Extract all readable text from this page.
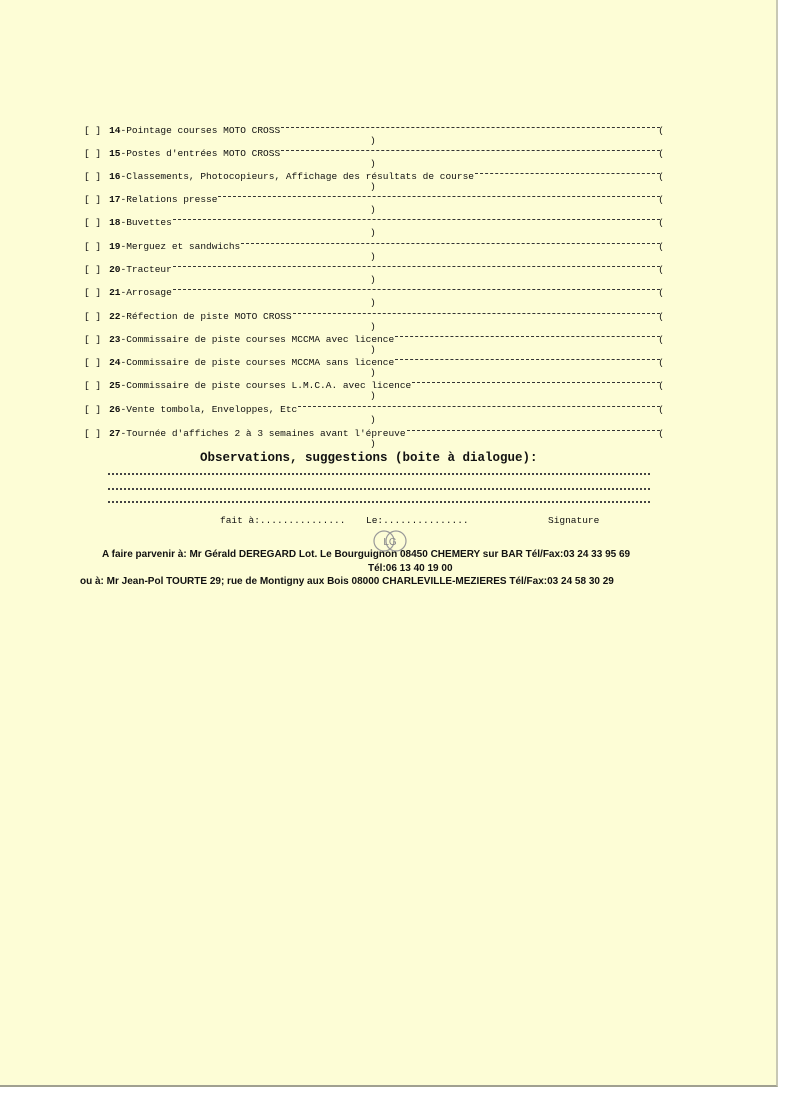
[ ] 14-Pointage courses MOTO CROSS	(
)
[ ] 15-Postes d'entrées MOTO CROSS	(
)
[ ] 16-Classements, Photocopieurs, Affichage des résultats de course	(
)
[ ] 17-Relations presse	(
)
[ ] 18-Buvettes	(
)
[ ] 19-Merguez et sandwichs	(
)
[ ] 20-Tracteur	(
)
[ ] 21-Arrosage	(
)
[ ] 22-Réfection de piste MOTO CROSS	(
)
[ ] 23-Commissaire de piste courses MCCMA avec licence	(
)
[ ] 24-Commissaire de piste courses MCCMA sans licence	(
)
[ ] 25-Commissaire de piste courses L.M.C.A. avec licence	(
)
[ ] 26-Vente tombola, Enveloppes, Etc	(
)
[ ] 27-Tournée d'affiches 2 à 3 semaines avant l'épreuve	(
)
Observations, suggestions (boite à dialogue):
fait à:............... Le:...............	Signature
LG
A faire parvenir à: Mr Gérald DEREGARD Lot. Le Bourguignon 08450 CHEMERY sur BAR Tél/Fax:03 24 33 95 69
Tél:06 13 40 19 00
ou à: Mr Jean-Pol TOURTE 29; rue de Montigny aux Bois 08000 CHARLEVILLE-MEZIERES Tél/Fax:03 24 58 30 29
